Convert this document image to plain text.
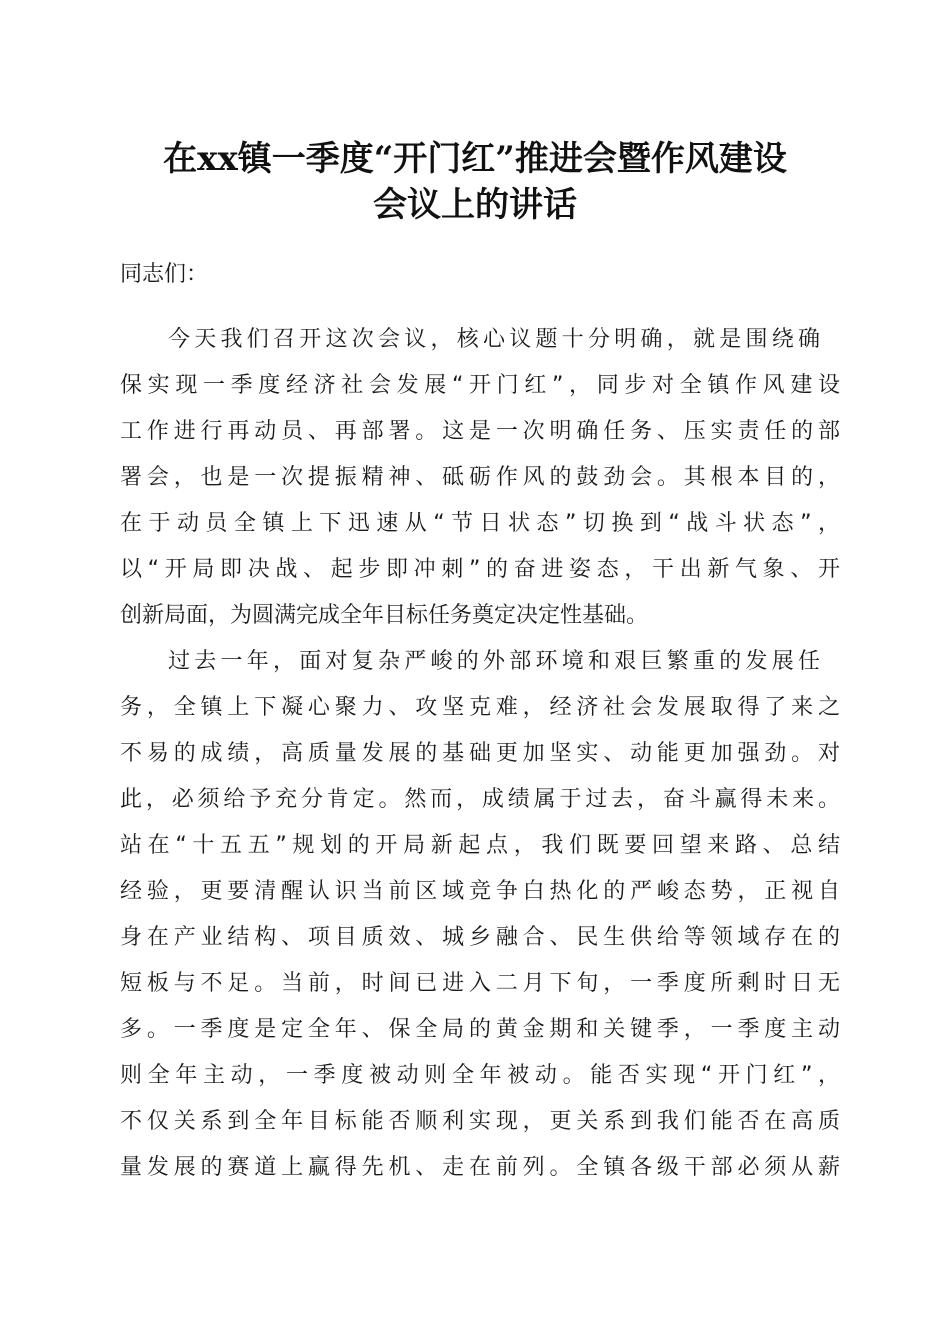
在xx镇一季度“开门红”推进会暨作风建设
会议上的讲话
同志们：
今天我们召开这次会议，核心议题十分明确，就是围绕确
保实现一季度经济社会发展“开门红”，同步对全镇作风建设
工作进行再动员、再部署。这是一次明确任务、压实责任的部
署会，也是一次提振精神、砥砺作风的鼓劲会。其根本目的，
在于动员全镇上下迅速从“节日状态”切换到“战斗状态”，
以“开局即决战、起步即冲刺”的奋进姿态，干出新气象、开
创新局面，为圆满完成全年目标任务奠定决定性基础。
过去一年，面对复杂严峻的外部环境和艰巨繁重的发展任
务，全镇上下凝心聚力、攻坚克难，经济社会发展取得了来之
不易的成绩，高质量发展的基础更加坚实、动能更加强劲。对
此，必须给予充分肯定。然而，成绩属于过去，奋斗赢得未来。
站在“十五五”规划的开局新起点，我们既要回望来路、总结
经验，更要清醒认识当前区域竞争白热化的严峻态势，正视自
身在产业结构、项目质效、城乡融合、民生供给等领域存在的
短板与不足。当前，时间已进入二月下旬，一季度所剩时日无
多。一季度是定全年、保全局的黄金期和关键季，一季度主动
则全年主动，一季度被动则全年被动。能否实现“开门红”，
不仅关系到全年目标能否顺利实现，更关系到我们能否在高质
量发展的赛道上赢得先机、走在前列。全镇各级干部必须从薪
